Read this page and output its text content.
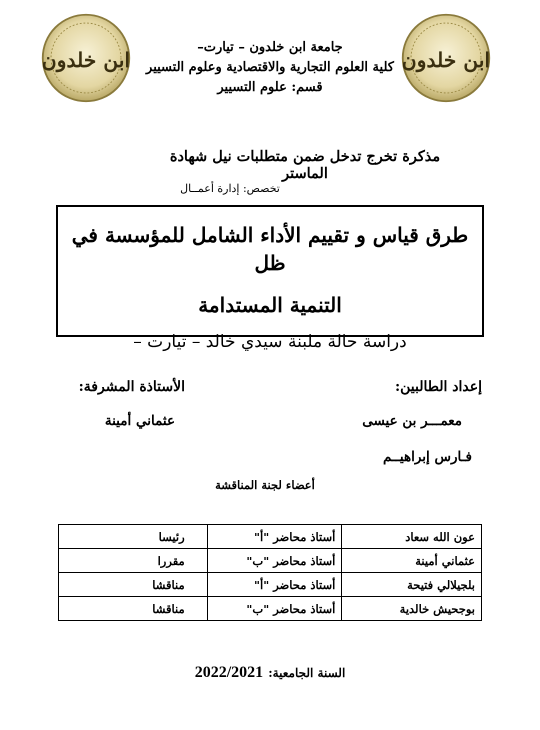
ابن خلدون	ابن خلدون
جامعة ابن خلدون – تيارت–
كلية العلوم التجارية والاقتصادية وعلوم التسيير
قسم: علوم التسيير
مذكرة تخرج تدخل ضمن متطلبات نيل شهادة الماستر
تخصص: إدارة أعمــال
طرق قياس و تقييم الأداء الشامل للمؤسسة في ظل
التنمية المستدامة
دراسة حالة ملبنة سيدي خالد – تيارت –
إعداد الطالبين:
معمـــر بن عيسى
فـارس إبراهيــم
الأستاذة المشرفة:
عثماني أمينة
أعضاء لجنة المناقشة
عون الله سعاد	أستاذ محاضر "أ"	رئيسا
عثماني أمينة	أستاذ محاضر "ب"	مقررا
بلجيلالي فتيحة	أستاذ محاضر "أ"	مناقشا
بوجحيش خالدية	أستاذ محاضر "ب"	مناقشا
السنة الجامعية: 2022/2021
